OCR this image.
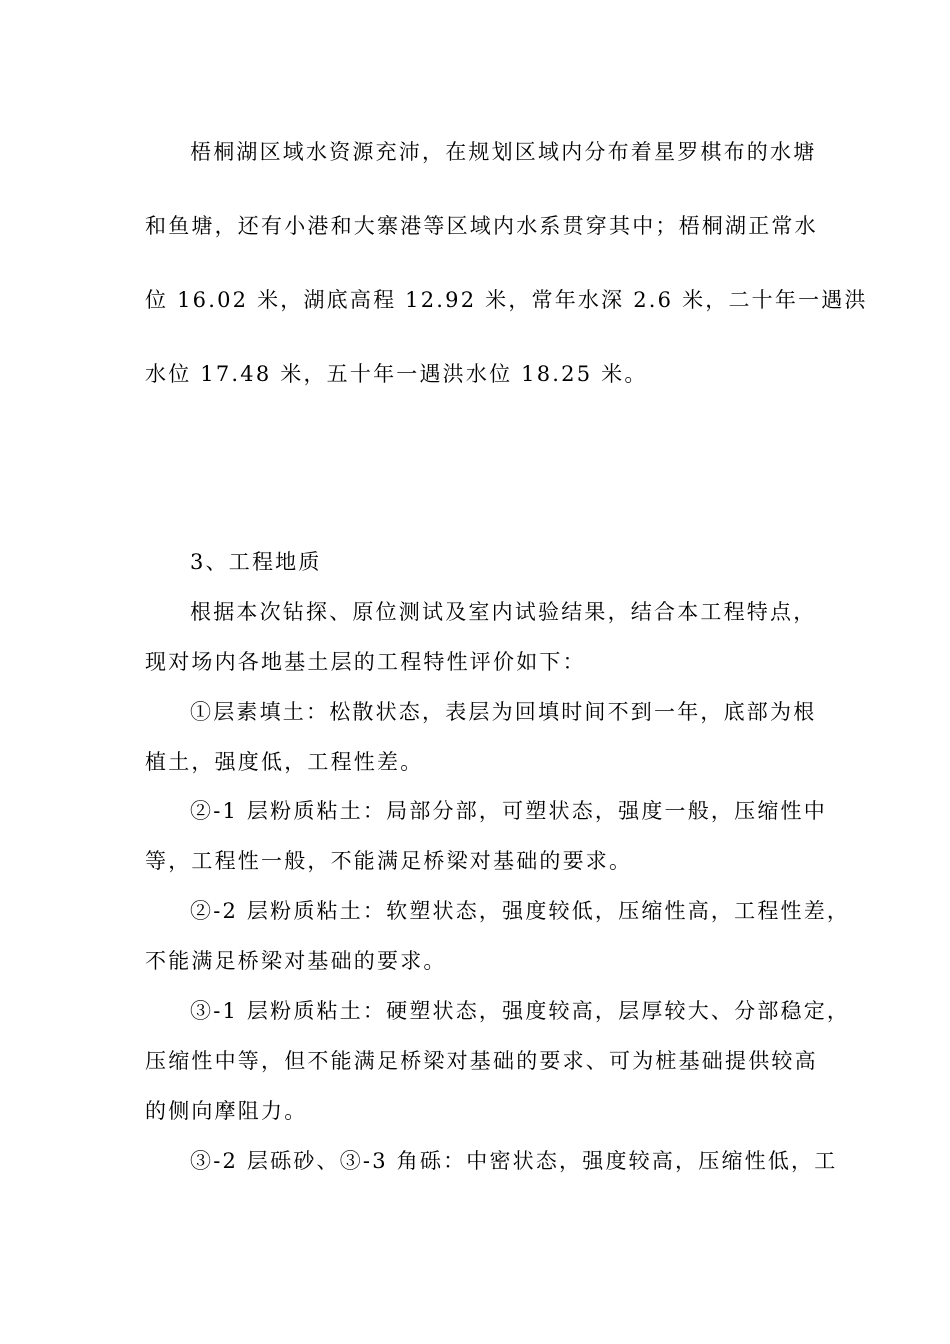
梧桐湖区域水资源充沛，在规划区域内分布着星罗棋布的水塘
和鱼塘，还有小港和大寨港等区域内水系贯穿其中；梧桐湖正常水
位 16.02 米，湖底高程 12.92 米，常年水深 2.6 米，二十年一遇洪
水位 17.48 米，五十年一遇洪水位 18.25 米。
3、工程地质
根据本次钻探、原位测试及室内试验结果，结合本工程特点，
现对场内各地基土层的工程特性评价如下：
①层素填土：松散状态，表层为回填时间不到一年，底部为根
植土，强度低，工程性差。
②-1 层粉质粘土：局部分部，可塑状态，强度一般，压缩性中
等，工程性一般，不能满足桥梁对基础的要求。
②-2 层粉质粘土：软塑状态，强度较低，压缩性高，工程性差，
不能满足桥梁对基础的要求。
③-1 层粉质粘土：硬塑状态，强度较高，层厚较大、分部稳定，
压缩性中等，但不能满足桥梁对基础的要求、可为桩基础提供较高
的侧向摩阻力。
③-2 层砾砂、③-3 角砾：中密状态，强度较高，压缩性低，工
